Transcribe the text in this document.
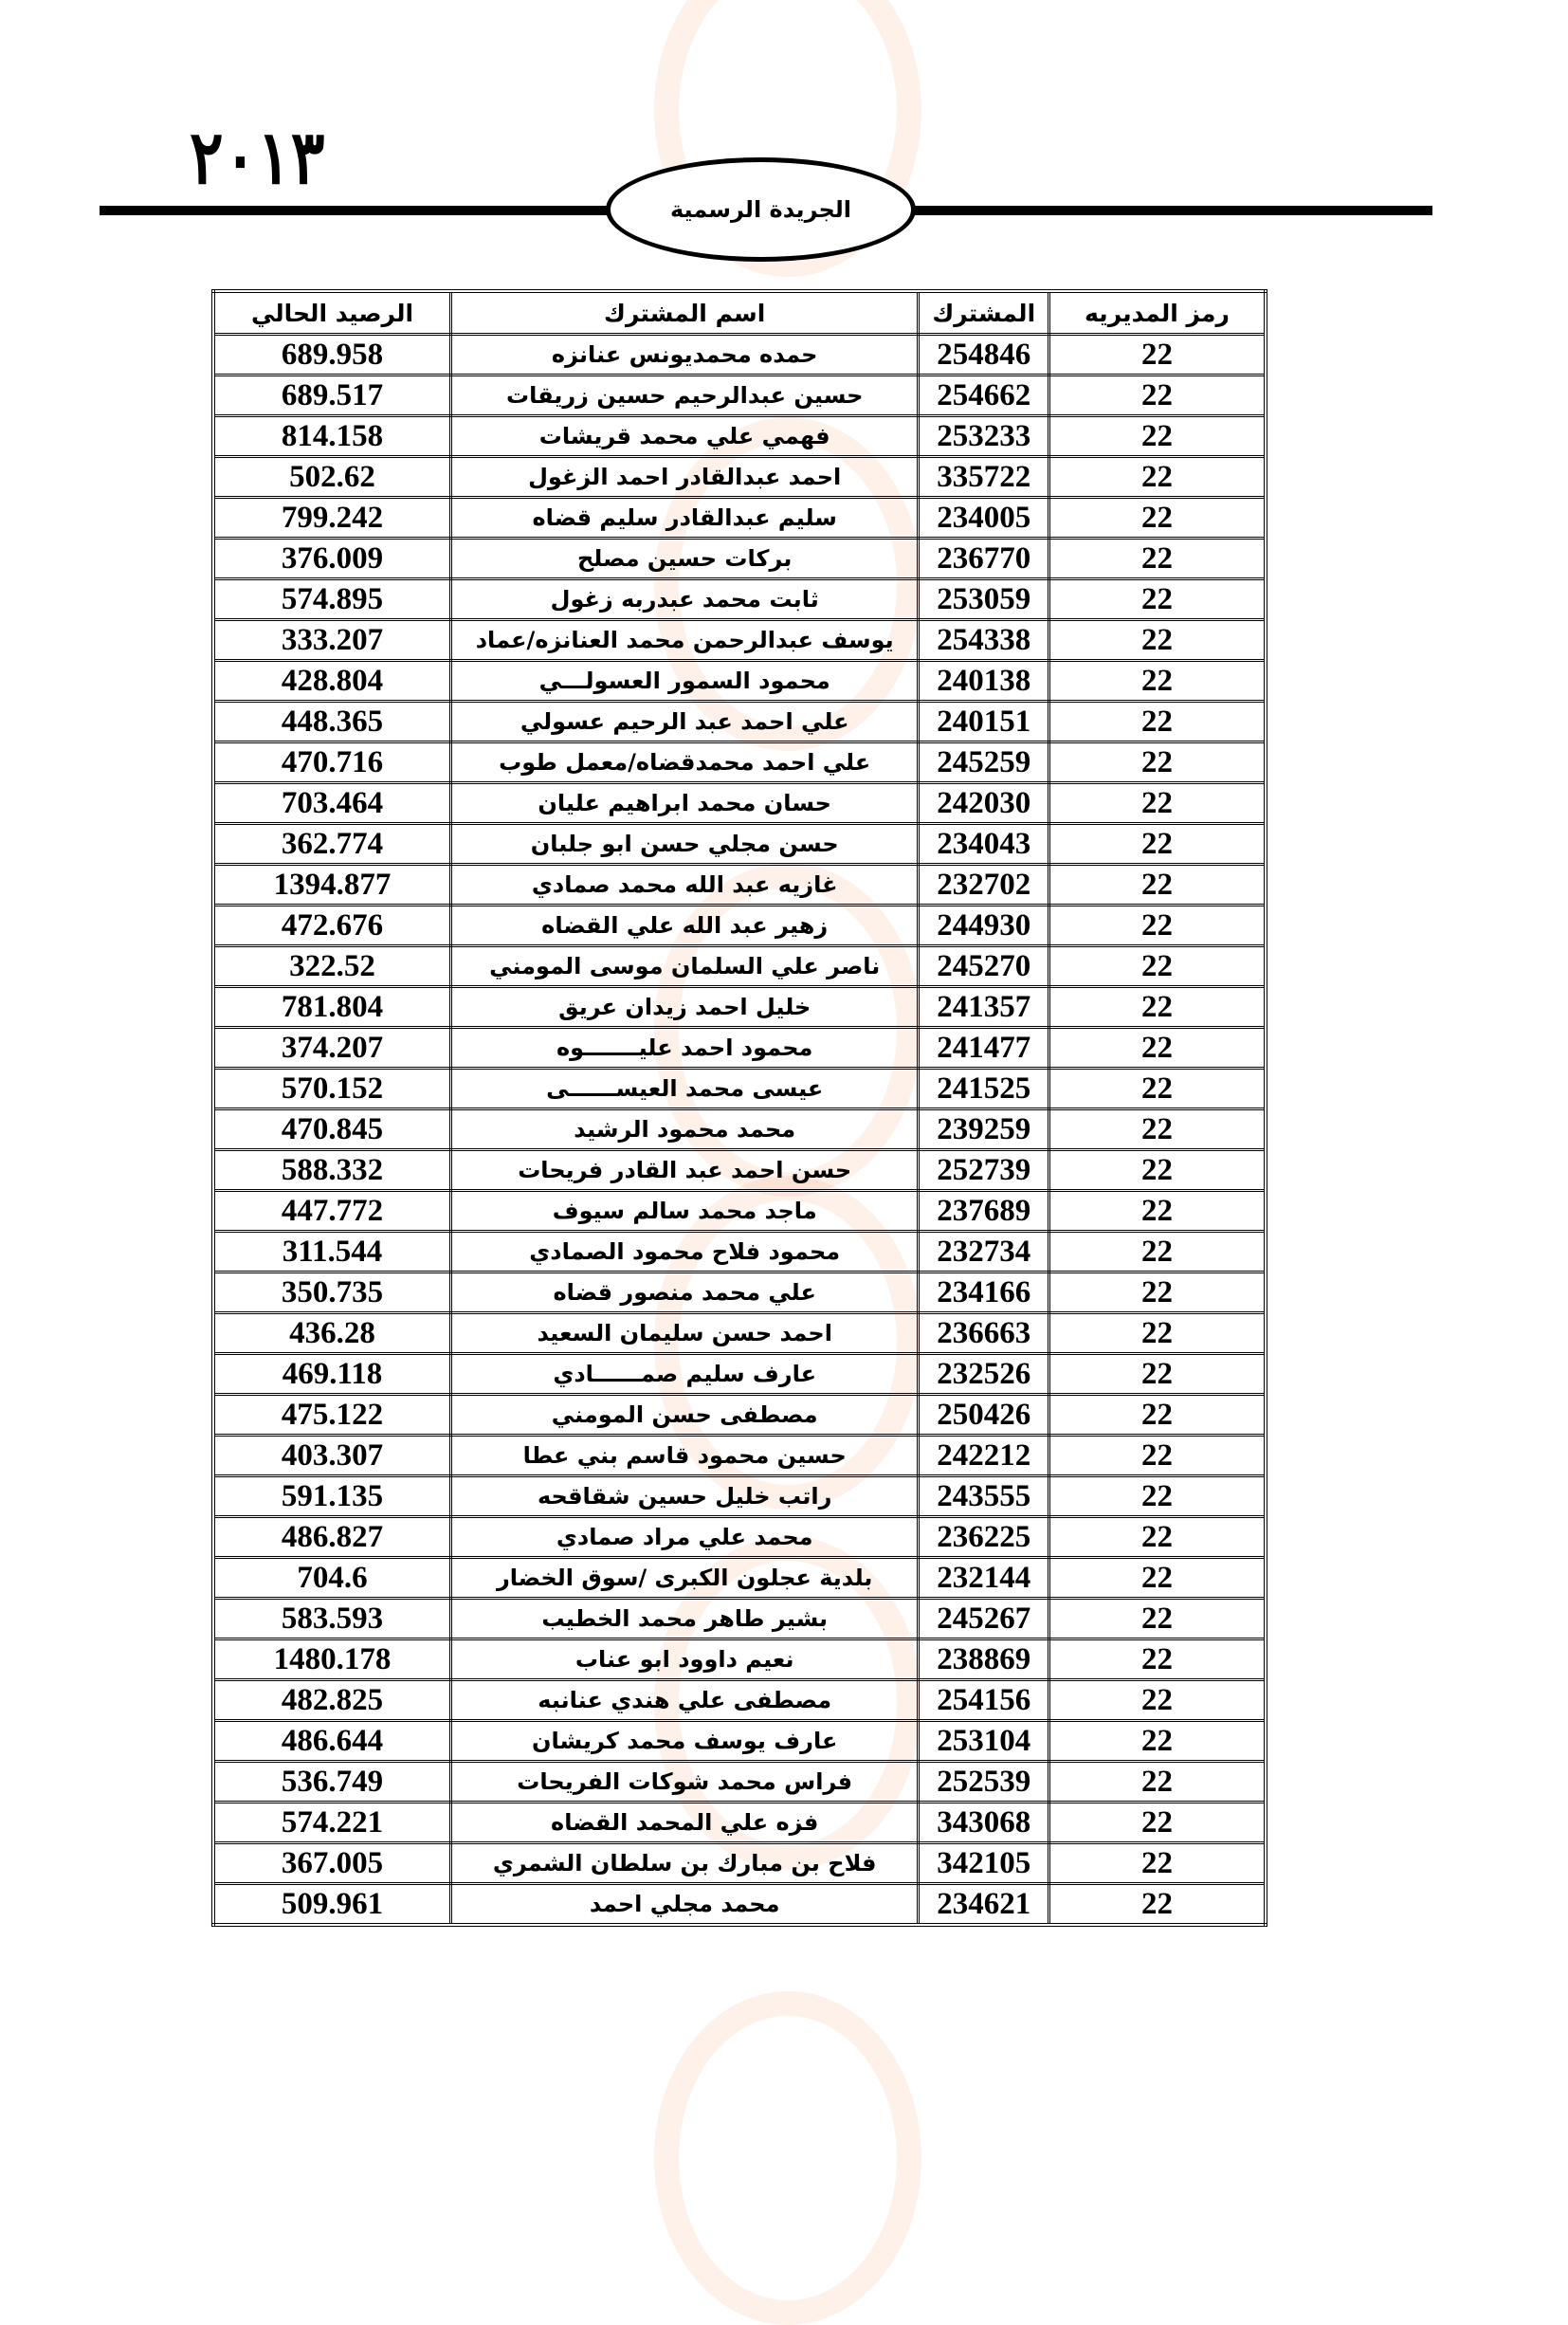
٢٠١٣
الجريدة الرسمية
رمز المديريه	المشترك	اسم المشترك	الرصيد الحالي
22	254846	حمده محمديونس عنانزه	689.958
22	254662	حسين عبدالرحيم حسين زريقات	689.517
22	253233	فهمي علي محمد قريشات	814.158
22	335722	احمد عبدالقادر احمد الزغول	502.62
22	234005	سليم عبدالقادر سليم قضاه	799.242
22	236770	بركات حسين مصلح	376.009
22	253059	ثابت محمد عبدربه زغول	574.895
22	254338	يوسف عبدالرحمن محمد العنانزه/عماد	333.207
22	240138	محمود السمور العسولـــي	428.804
22	240151	علي احمد عبد الرحيم عسولي	448.365
22	245259	علي احمد محمدقضاه/معمل طوب	470.716
22	242030	حسان محمد ابراهيم عليان	703.464
22	234043	حسن مجلي حسن ابو جلبان	362.774
22	232702	غازيه عبد الله محمد صمادي	1394.877
22	244930	زهير عبد الله علي القضاه	472.676
22	245270	ناصر علي السلمان موسى المومني	322.52
22	241357	خليل احمد زيدان عريق	781.804
22	241477	محمود احمد عليـــــــوه	374.207
22	241525	عيسى محمد العيســــــى	570.152
22	239259	محمد محمود الرشيد	470.845
22	252739	حسن احمد عبد القادر فريحات	588.332
22	237689	ماجد محمد سالم سيوف	447.772
22	232734	محمود فلاح محمود الصمادي	311.544
22	234166	علي محمد منصور قضاه	350.735
22	236663	احمد حسن سليمان السعيد	436.28
22	232526	عارف سليم صمــــــادي	469.118
22	250426	مصطفى حسن المومني	475.122
22	242212	حسين محمود قاسم بني عطا	403.307
22	243555	راتب خليل حسين شقاقحه	591.135
22	236225	محمد علي مراد صمادي	486.827
22	232144	بلدية عجلون الكبرى /سوق الخضار	704.6
22	245267	بشير طاهر محمد الخطيب	583.593
22	238869	نعيم داوود ابو عناب	1480.178
22	254156	مصطفى علي هندي عنانبه	482.825
22	253104	عارف يوسف محمد كريشان	486.644
22	252539	فراس محمد شوكات الفريحات	536.749
22	343068	فزه علي المحمد القضاه	574.221
22	342105	فلاح بن مبارك بن سلطان الشمري	367.005
22	234621	محمد مجلي احمد	509.961
